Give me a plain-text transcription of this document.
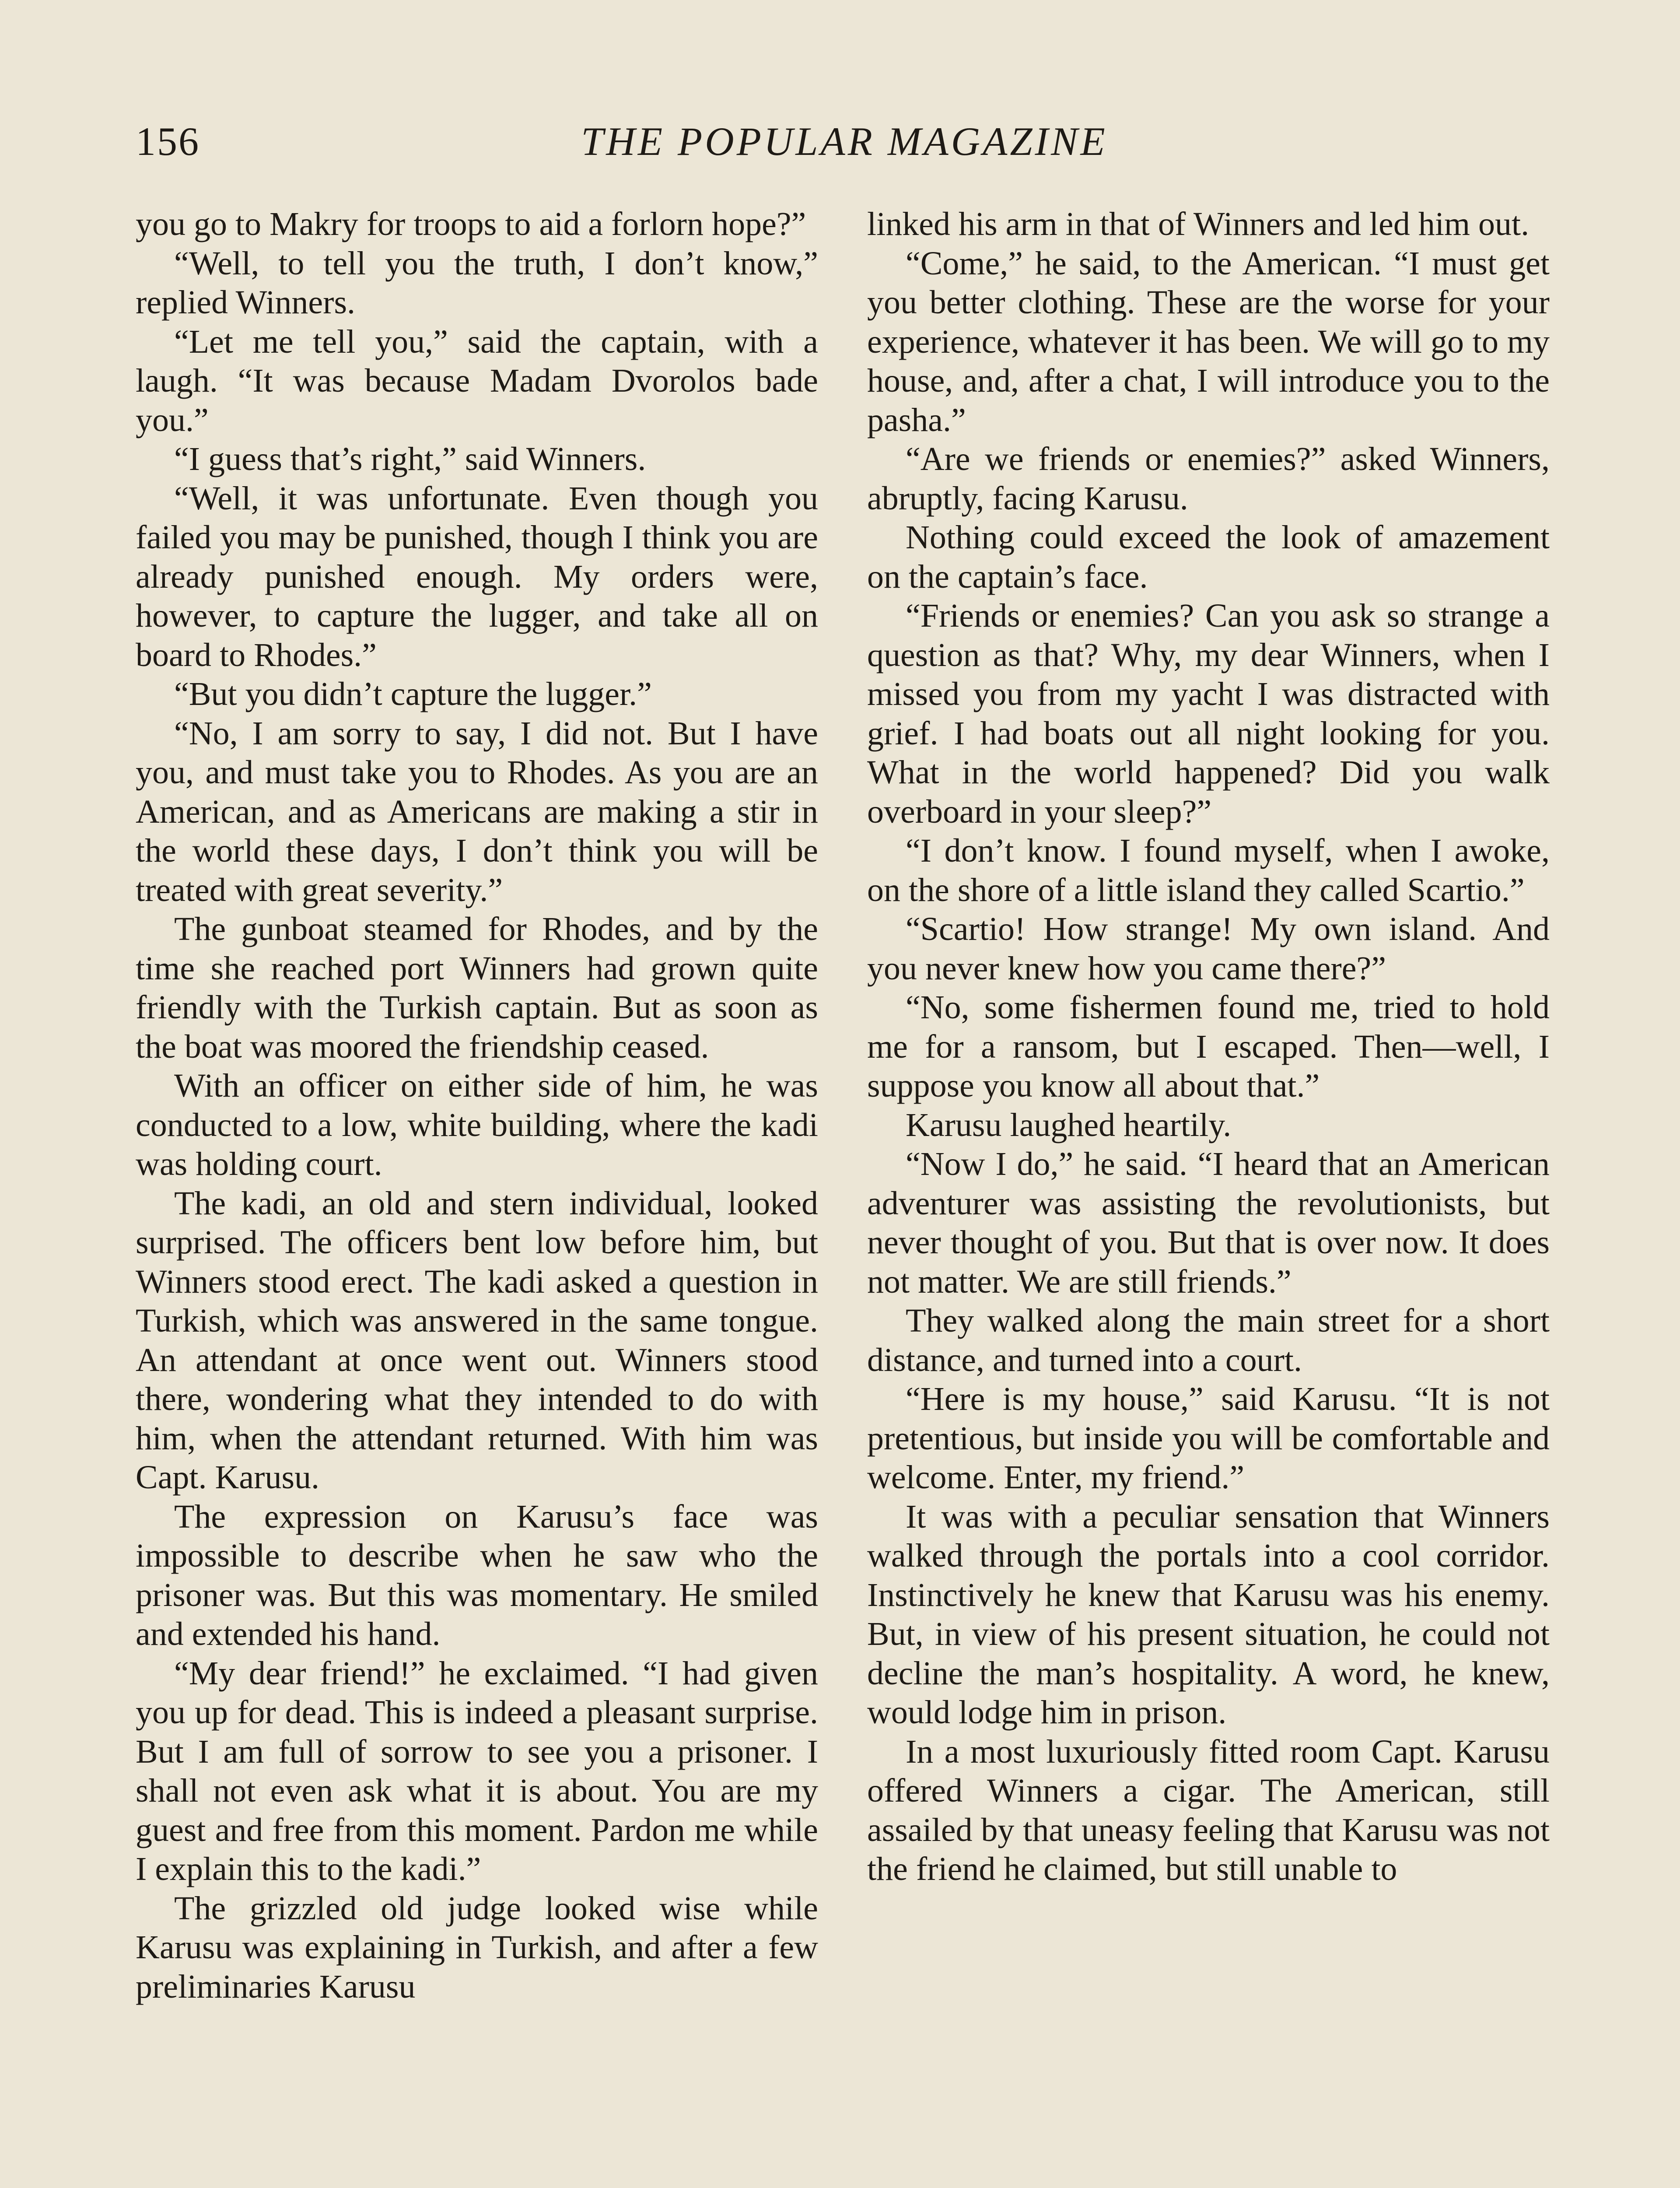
156	THE POPULAR MAGAZINE

you go to Makry for troops to aid a forlorn hope?”

“Well, to tell you the truth, I don’t know,” replied Winners.

“Let me tell you,” said the captain, with a laugh. “It was because Madam Dvorolos bade you.”

“I guess that’s right,” said Winners.

“Well, it was unfortunate. Even though you failed you may be punished, though I think you are already punished enough. My orders were, however, to capture the lugger, and take all on board to Rhodes.”

“But you didn’t capture the lugger.”

“No, I am sorry to say, I did not. But I have you, and must take you to Rhodes. As you are an American, and as Americans are making a stir in the world these days, I don’t think you will be treated with great severity.”

The gunboat steamed for Rhodes, and by the time she reached port Winners had grown quite friendly with the Turkish captain. But as soon as the boat was moored the friendship ceased.

With an officer on either side of him, he was conducted to a low, white building, where the kadi was holding court.

The kadi, an old and stern individual, looked surprised. The officers bent low before him, but Winners stood erect. The kadi asked a question in Turkish, which was answered in the same tongue. An attendant at once went out. Winners stood there, wondering what they intended to do with him, when the attendant returned. With him was Capt. Karusu.

The expression on Karusu’s face was impossible to describe when he saw who the prisoner was. But this was momentary. He smiled and extended his hand.

“My dear friend!” he exclaimed. “I had given you up for dead. This is indeed a pleasant surprise. But I am full of sorrow to see you a prisoner. I shall not even ask what it is about. You are my guest and free from this moment. Pardon me while I explain this to the kadi.”

The grizzled old judge looked wise while Karusu was explaining in Turkish, and after a few preliminaries Karusu

linked his arm in that of Winners and led him out.

“Come,” he said, to the American. “I must get you better clothing. These are the worse for your experience, whatever it has been. We will go to my house, and, after a chat, I will introduce you to the pasha.”

“Are we friends or enemies?” asked Winners, abruptly, facing Karusu.

Nothing could exceed the look of amazement on the captain’s face.

“Friends or enemies? Can you ask so strange a question as that? Why, my dear Winners, when I missed you from my yacht I was distracted with grief. I had boats out all night looking for you. What in the world happened? Did you walk overboard in your sleep?”

“I don’t know. I found myself, when I awoke, on the shore of a little island they called Scartio.”

“Scartio! How strange! My own island. And you never knew how you came there?”

“No, some fishermen found me, tried to hold me for a ransom, but I escaped. Then—well, I suppose you know all about that.”

Karusu laughed heartily.

“Now I do,” he said. “I heard that an American adventurer was assisting the revolutionists, but never thought of you. But that is over now. It does not matter. We are still friends.”

They walked along the main street for a short distance, and turned into a court.

“Here is my house,” said Karusu. “It is not pretentious, but inside you will be comfortable and welcome. Enter, my friend.”

It was with a peculiar sensation that Winners walked through the portals into a cool corridor. Instinctively he knew that Karusu was his enemy. But, in view of his present situation, he could not decline the man’s hospitality. A word, he knew, would lodge him in prison.

In a most luxuriously fitted room Capt. Karusu offered Winners a cigar. The American, still assailed by that uneasy feeling that Karusu was not the friend he claimed, but still unable to
